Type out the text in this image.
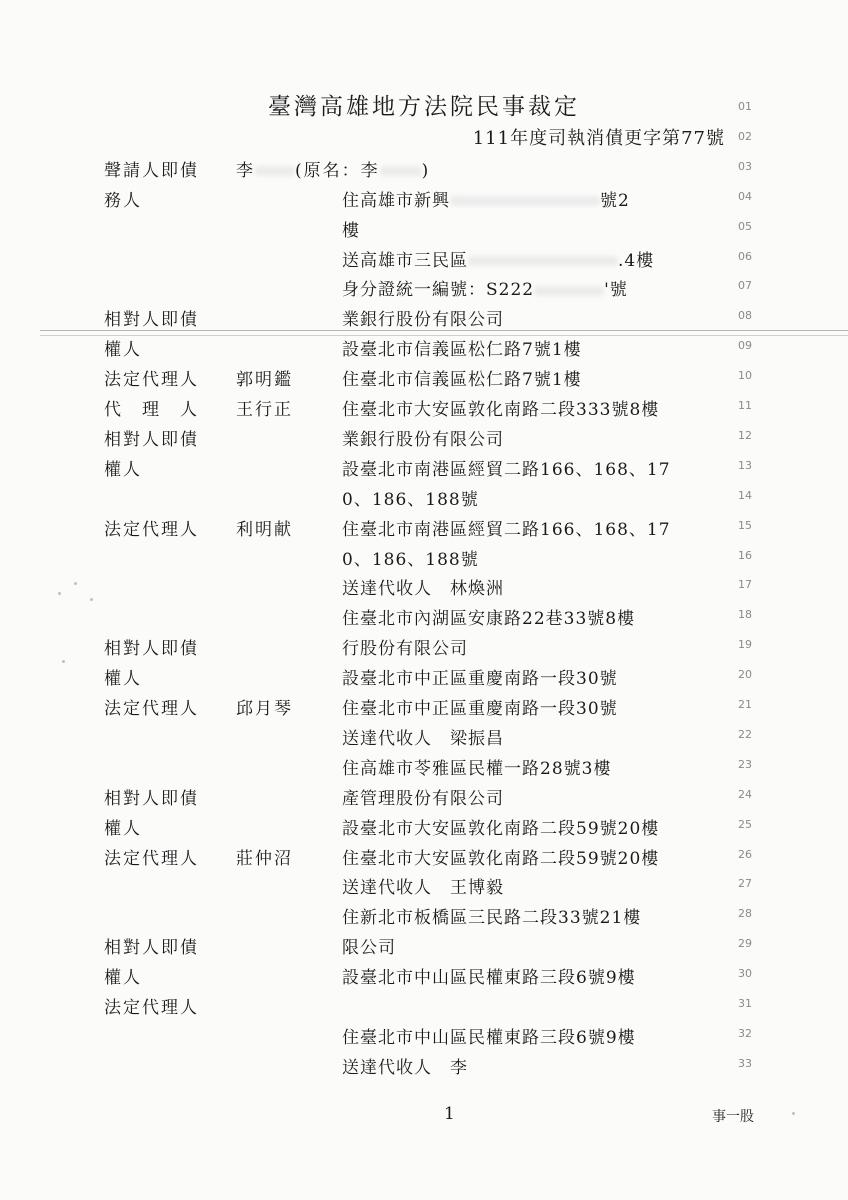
臺灣高雄地方法院民事裁定
111年度司執消債更字第77號
01
02
聲請人即債 李 (原名：李 )	03
務人	住高雄市新興	號2	04
樓	05
送高雄市三民區	.4樓	06
身分證統一編號：S222	'號	07
相對人即債	業銀行股份有限公司	08
權人	設臺北市信義區松仁路7號1樓	09
法定代理人 郭明鑑	住臺北市信義區松仁路7號1樓	10
代　理　人 王行正	住臺北市大安區敦化南路二段333號8樓	11
相對人即債	業銀行股份有限公司	12
權人	設臺北市南港區經貿二路166、168、17	13
0、186、188號	14
法定代理人 利明献	住臺北市南港區經貿二路166、168、17	15
0、186、188號	16
送達代收人　林煥洲	17
住臺北市內湖區安康路22巷33號8樓	18
相對人即債	行股份有限公司	19
權人	設臺北市中正區重慶南路一段30號	20
法定代理人 邱月琴	住臺北市中正區重慶南路一段30號	21
送達代收人　梁振昌	22
住高雄市苓雅區民權一路28號3樓	23
相對人即債	產管理股份有限公司	24
權人	設臺北市大安區敦化南路二段59號20樓	25
法定代理人 莊仲沼	住臺北市大安區敦化南路二段59號20樓	26
送達代收人　王博毅	27
住新北市板橋區三民路二段33號21樓	28
相對人即債	限公司	29
權人	設臺北市中山區民權東路三段6號9樓	30
法定代理人	31
住臺北市中山區民權東路三段6號9樓	32
送達代收人　李	33
1	事一股
